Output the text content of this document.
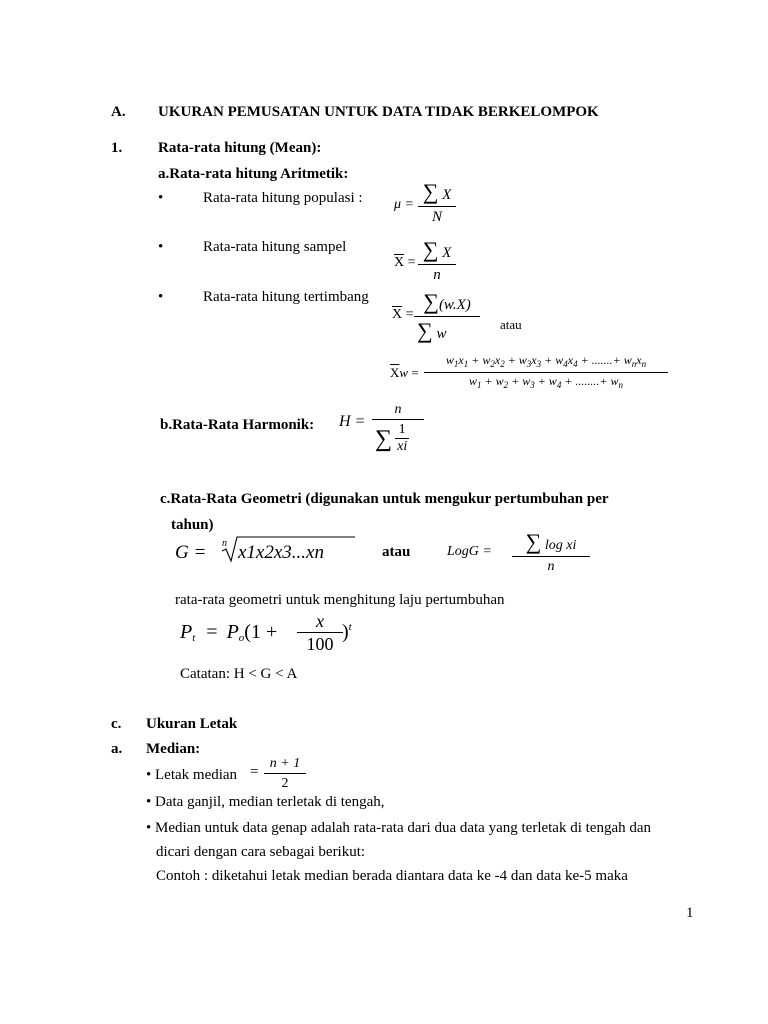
A. UKURAN PEMUSATAN UNTUK DATA TIDAK BERKELOMPOK
1. Rata-rata hitung (Mean):
a.Rata-rata hitung Aritmetik:
•	Rata-rata hitung populasi : $\mu = \frac{\sum X}{N}$
•	Rata-rata hitung sampel
$\overline{X} = \frac{\sum X}{n}$
•	Rata-rata hitung tertimbang
$\overline{X} = \frac{\sum(w.X)}{\sum w}$ atau
$\overline{X}w$ =
$w_1x_1 + w_2x_2 + w_3x_3 + w_4x_4$ + .......+ $w_nx_n$
$w_1 + w_2 + w_3 + w_4$ + ........+ $w_n$
b.Rata-Rata Harmonik: $H = \frac{n}{\sum \frac{1}{xi}}$
c.Rata-Rata Geometri (digunakan untuk mengukur pertumbuhan per
tahun)
G = n x1x2x3...xn	atau	LogG = $\frac{\text{∑ log xi}}{n}$
rata-rata geometri untuk menghitung laju pertumbuhan
$P_t = P_o(1 + \frac{x}{100} )^t$
Catatan: H < G < A
c. Ukuran Letak
a. Median:
• Letak median = $\frac{n + 1}{2}$
• Data ganjil, median terletak di tengah,
• Median untuk data genap adalah rata-rata dari dua data yang terletak di tengah dan
dicari dengan cara sebagai berikut:
Contoh : diketahui letak median berada diantara data ke -4 dan data ke-5 maka
1
